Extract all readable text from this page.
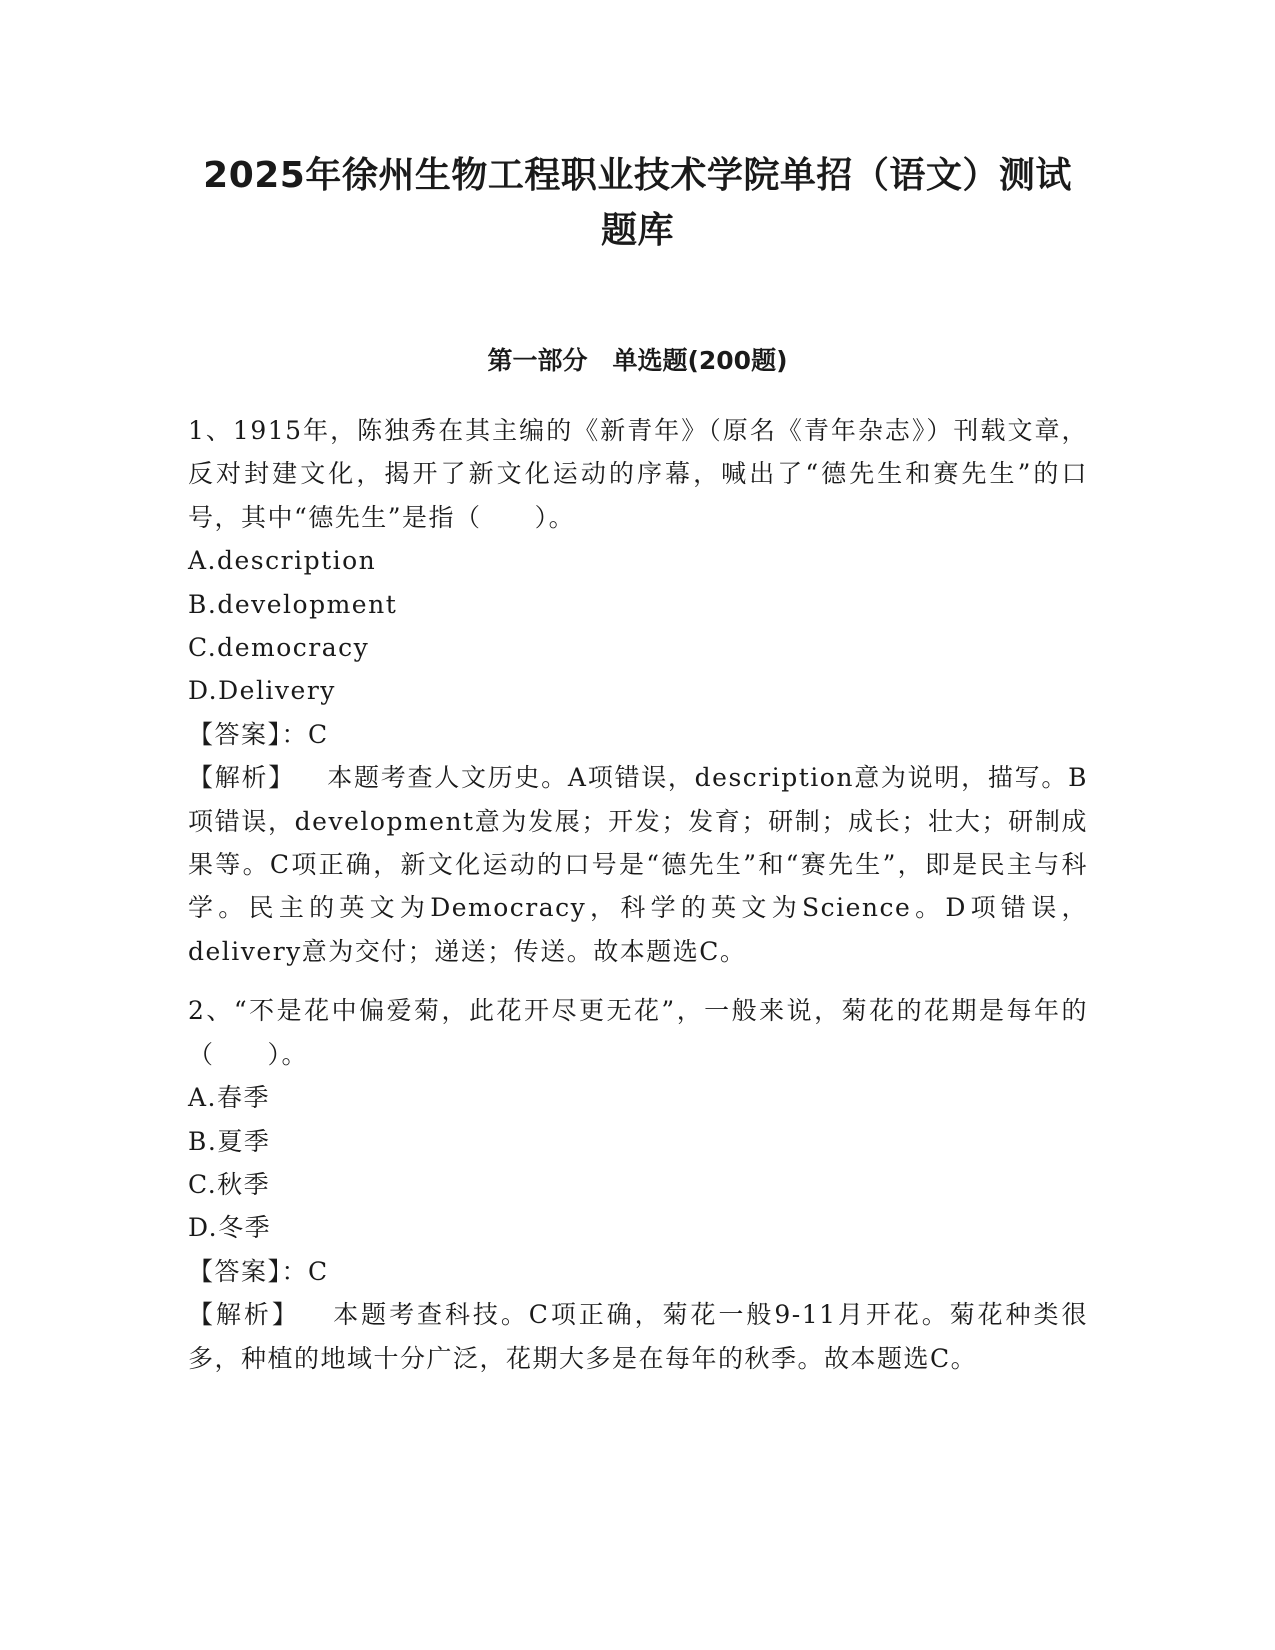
2025年徐州生物工程职业技术学院单招（语文）测试
题库
第一部分　单选题(200题)

1、1915年，陈独秀在其主编的《新青年》（原名《青年杂志》）刊载文章，反对封建文化，揭开了新文化运动的序幕，喊出了“德先生和赛先生”的口号，其中“德先生”是指（　　）。

A.description

B.development

C.democracy

D.Delivery

【答案】：C

【解析】 本题考查人文历史。A项错误，description意为说明，描写。B项错误，development意为发展；开发；发育；研制；成长；壮大；研制成果等。C项正确，新文化运动的口号是“德先生”和“赛先生”，即是民主与科学。民主的英文为Democracy，科学的英文为Science。D项错误，delivery意为交付；递送；传送。故本题选C。

2、“不是花中偏爱菊，此花开尽更无花”，一般来说，菊花的花期是每年的（　　）。

A.春季

B.夏季

C.秋季

D.冬季

【答案】：C

【解析】 本题考查科技。C项正确，菊花一般9-11月开花。菊花种类很多，种植的地域十分广泛，花期大多是在每年的秋季。故本题选C。
